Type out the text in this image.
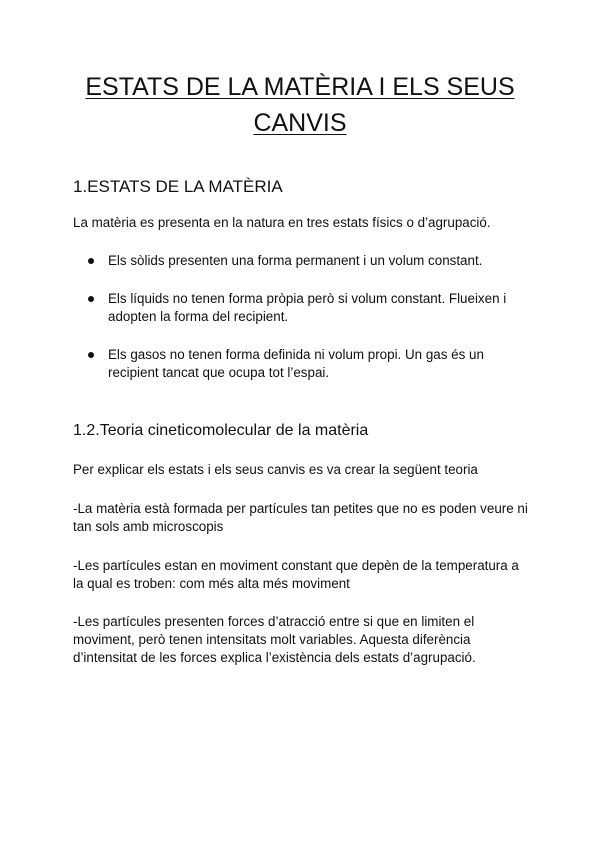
ESTATS DE LA MATÈRIA I ELS SEUS CANVIS
1.ESTATS DE LA MATÈRIA

La matèria es presenta en la natura en tres estats físics o d’agrupació.

Els sòlids presenten una forma permanent i un volum constant.
Els líquids no tenen forma pròpia però si volum constant. Flueixen i adopten la forma del recipient.
Els gasos no tenen forma definida ni volum propi. Un gas és un recipient tancat que ocupa tot l’espai.
1.2.Teoria cineticomolecular de la matèria

Per explicar els estats i els seus canvis es va crear la següent teoria

-La matèria està formada per partícules tan petites que no es poden veure ni tan sols amb microscopis

-Les partícules estan en moviment constant que depèn de la temperatura a la qual es troben: com més alta més moviment

-Les partícules presenten forces d’atracció entre si que en limiten el moviment, però tenen intensitats molt variables. Aquesta diferència d’intensitat de les forces explica l’existència dels estats d’agrupació.
